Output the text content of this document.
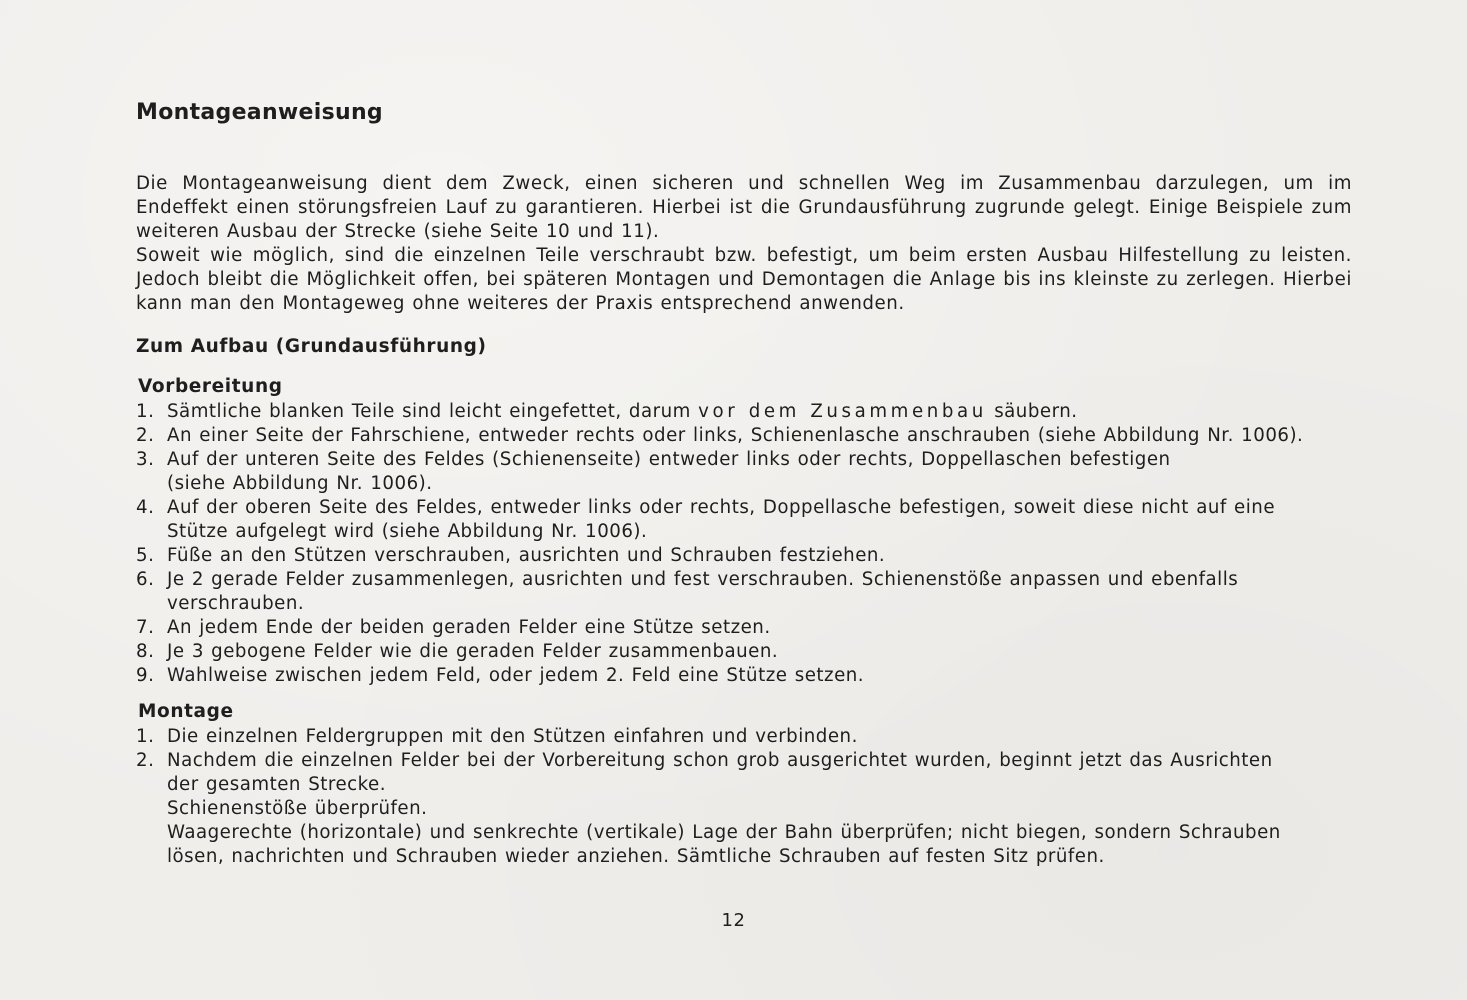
Montageanweisung

Die Montageanweisung dient dem Zweck, einen sicheren und schnellen Weg im Zusammenbau darzulegen, um im Endeffekt einen störungsfreien Lauf zu garantieren. Hierbei ist die Grundausführung zugrunde gelegt. Einige Beispiele zum weiteren Ausbau der Strecke (siehe Seite 10 und 11).

Soweit wie möglich, sind die einzelnen Teile verschraubt bzw. befestigt, um beim ersten Ausbau Hilfestellung zu leisten. Jedoch bleibt die Möglichkeit offen, bei späteren Montagen und Demontagen die Anlage bis ins kleinste zu zerlegen. Hierbei kann man den Montageweg ohne weiteres der Praxis entsprechend anwenden.

Zum Aufbau (Grundausführung)
Vorbereitung
1. Sämtliche blanken Teile sind leicht eingefettet, darum vor dem Zusammenbau säubern.
2. An einer Seite der Fahrschiene, entweder rechts oder links, Schienenlasche anschrauben (siehe Abbildung Nr. 1006).
3. Auf der unteren Seite des Feldes (Schienenseite) entweder links oder rechts, Doppellaschen befestigen
(siehe Abbildung Nr. 1006).
4. Auf der oberen Seite des Feldes, entweder links oder rechts, Doppellasche befestigen, soweit diese nicht auf eine
Stütze aufgelegt wird (siehe Abbildung Nr. 1006).
5. Füße an den Stützen verschrauben, ausrichten und Schrauben festziehen.
6. Je 2 gerade Felder zusammenlegen, ausrichten und fest verschrauben. Schienenstöße anpassen und ebenfalls
verschrauben.
7. An jedem Ende der beiden geraden Felder eine Stütze setzen.
8. Je 3 gebogene Felder wie die geraden Felder zusammenbauen.
9. Wahlweise zwischen jedem Feld, oder jedem 2. Feld eine Stütze setzen.
Montage
1. Die einzelnen Feldergruppen mit den Stützen einfahren und verbinden.
2. Nachdem die einzelnen Felder bei der Vorbereitung schon grob ausgerichtet wurden, beginnt jetzt das Ausrichten
der gesamten Strecke.
Schienenstöße überprüfen.
Waagerechte (horizontale) und senkrechte (vertikale) Lage der Bahn überprüfen; nicht biegen, sondern Schrauben
lösen, nachrichten und Schrauben wieder anziehen. Sämtliche Schrauben auf festen Sitz prüfen.
12
